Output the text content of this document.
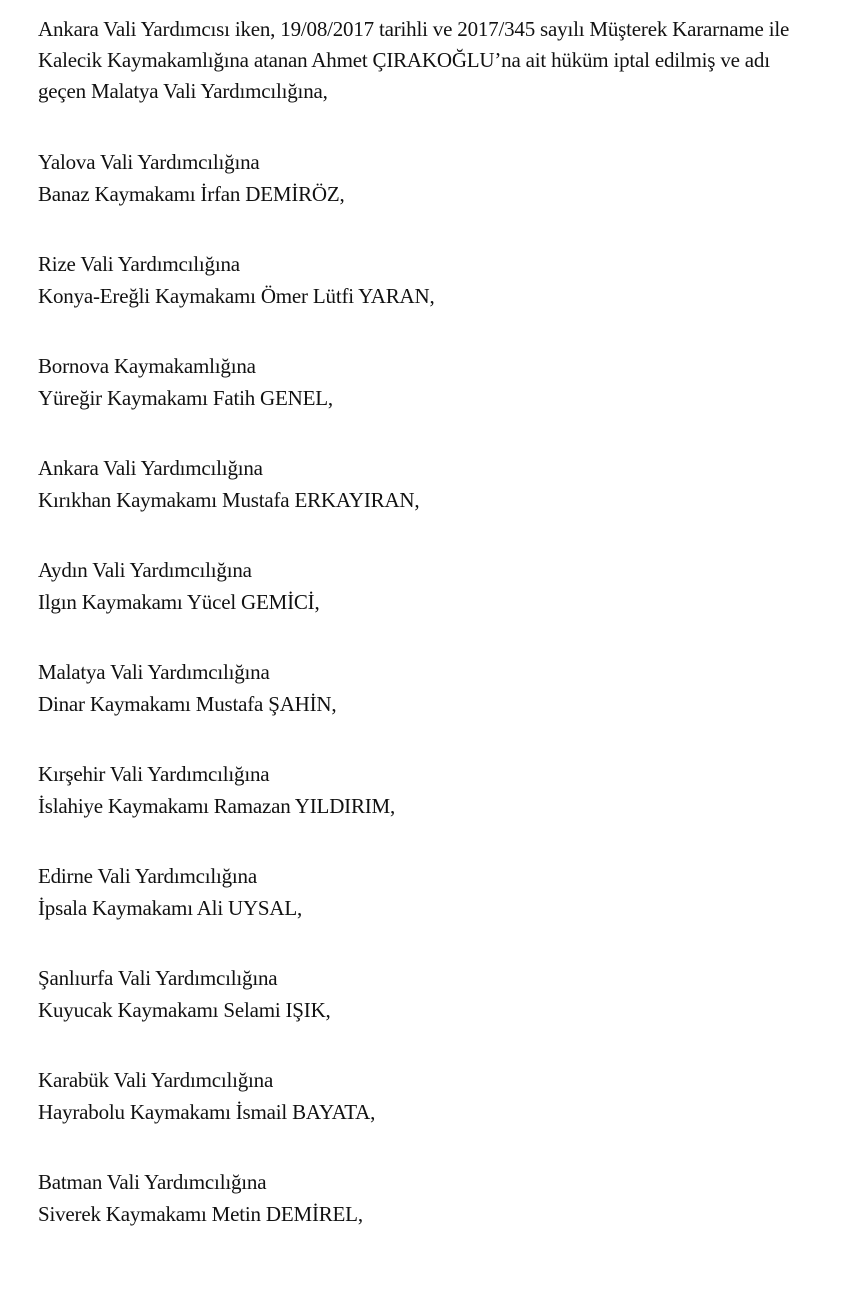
Ankara Vali Yardımcısı iken, 19/08/2017 tarihli ve 2017/345 sayılı Müşterek Kararname ile
Kalecik Kaymakamlığına atanan Ahmet ÇIRAKOĞLU’na ait hüküm iptal edilmiş ve adı
geçen Malatya Vali Yardımcılığına,
Yalova Vali Yardımcılığına
Banaz Kaymakamı İrfan DEMİRÖZ,
Rize Vali Yardımcılığına
Konya-Ereğli Kaymakamı Ömer Lütfi YARAN,
Bornova Kaymakamlığına
Yüreğir Kaymakamı Fatih GENEL,
Ankara Vali Yardımcılığına
Kırıkhan Kaymakamı Mustafa ERKAYIRAN,
Aydın Vali Yardımcılığına
Ilgın Kaymakamı Yücel GEMİCİ,
Malatya Vali Yardımcılığına
Dinar Kaymakamı Mustafa ŞAHİN,
Kırşehir Vali Yardımcılığına
İslahiye Kaymakamı Ramazan YILDIRIM,
Edirne Vali Yardımcılığına
İpsala Kaymakamı Ali UYSAL,
Şanlıurfa Vali Yardımcılığına
Kuyucak Kaymakamı Selami IŞIK,
Karabük Vali Yardımcılığına
Hayrabolu Kaymakamı İsmail BAYATA,
Batman Vali Yardımcılığına
Siverek Kaymakamı Metin DEMİREL,
